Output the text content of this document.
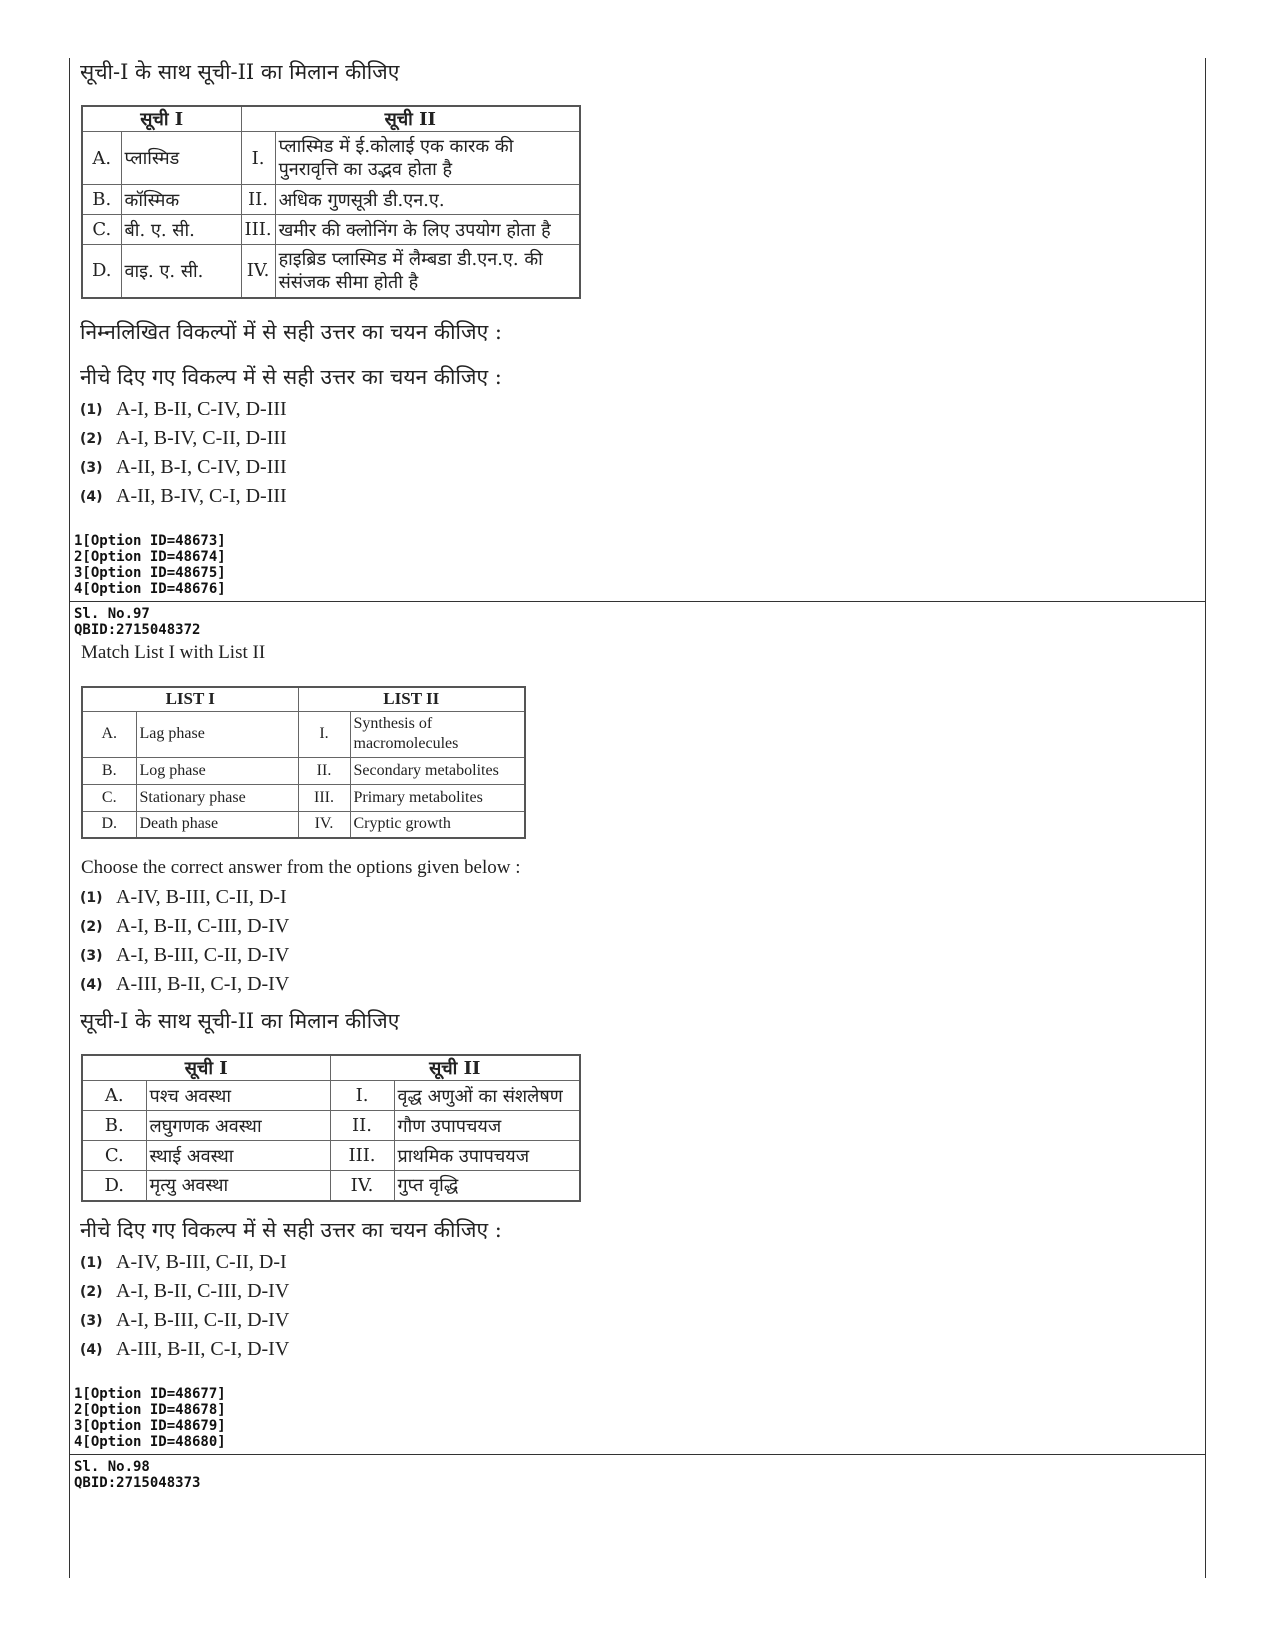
सूची-I के साथ सूची-II का मिलान कीजिए
सूची I		सूची II	
A.	प्लास्मिड	I.	प्लास्मिड में ई.कोलाई एक कारक की पुनरावृत्ति का उद्भव होता है
B.	कॉस्मिक	II.	अधिक गुणसूत्री डी.एन.ए.
C.	बी. ए. सी.	III.	खमीर की क्लोनिंग के लिए उपयोग होता है
D.	वाइ. ए. सी.	IV.	हाइब्रिड प्लास्मिड में लैम्बडा डी.एन.ए. की संसंजक सीमा होती है
निम्नलिखित विकल्पों में से सही उत्तर का चयन कीजिए :
नीचे दिए गए विकल्प में से सही उत्तर का चयन कीजिए :
(1) A-I, B-II, C-IV, D-III
(2) A-I, B-IV, C-II, D-III
(3) A-II, B-I, C-IV, D-III
(4) A-II, B-IV, C-I, D-III
1[Option ID=48673]
2[Option ID=48674]
3[Option ID=48675]
4[Option ID=48676]
Sl. No.97
QBID:2715048372
Match List I with List II
LIST I		LIST II	
A.	Lag phase	I.	Synthesis of macromolecules
B.	Log phase	II.	Secondary metabolites
C.	Stationary phase	III.	Primary metabolites
D.	Death phase	IV.	Cryptic growth
Choose the correct answer from the options given below :
(1) A-IV, B-III, C-II, D-I
(2) A-I, B-II, C-III, D-IV
(3) A-I, B-III, C-II, D-IV
(4) A-III, B-II, C-I, D-IV
सूची-I के साथ सूची-II का मिलान कीजिए
सूची I		सूची II	
A.	पश्च अवस्था	I.	वृद्ध अणुओं का संशलेषण
B.	लघुगणक अवस्था	II.	गौण उपापचयज
C.	स्थाई अवस्था	III.	प्राथमिक उपापचयज
D.	मृत्यु अवस्था	IV.	गुप्त वृद्धि
नीचे दिए गए विकल्प में से सही उत्तर का चयन कीजिए :
(1) A-IV, B-III, C-II, D-I
(2) A-I, B-II, C-III, D-IV
(3) A-I, B-III, C-II, D-IV
(4) A-III, B-II, C-I, D-IV
1[Option ID=48677]
2[Option ID=48678]
3[Option ID=48679]
4[Option ID=48680]
Sl. No.98
QBID:2715048373
